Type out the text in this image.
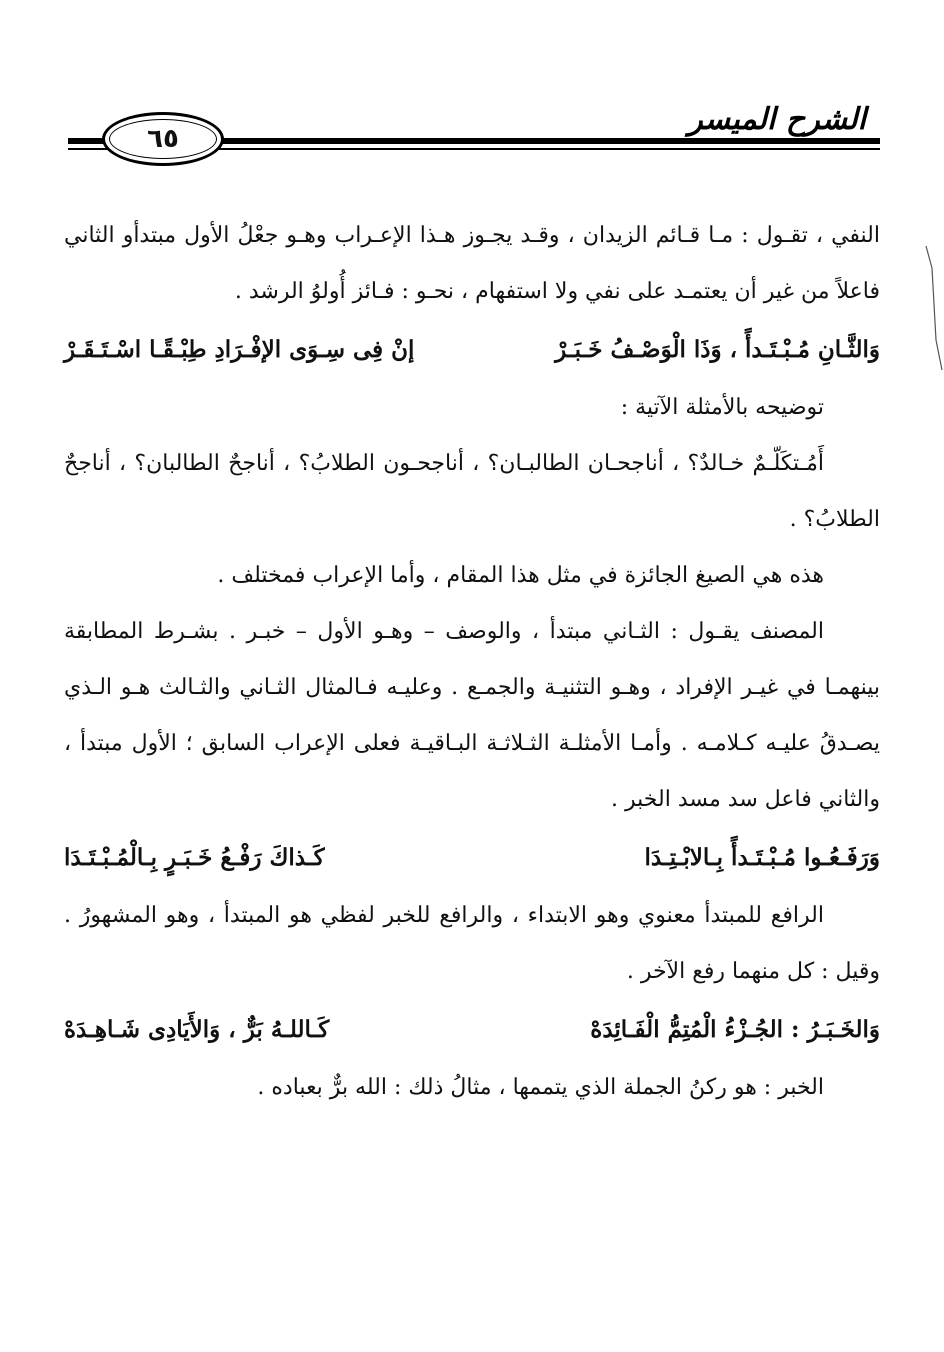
الشرح الميسر
٦٥

النفي ، تقـول : مـا قـائم الزيدان ، وقـد يجـوز هـذا الإعـراب وهـو جعْلُ الأول مبتدأو الثاني فاعلاً من غير أن يعتمـد على نفي ولا استفهام ، نحـو : فـائز أُولوُ الرشد .

وَالثَّـانِ مُـبْـتَـدأً ، وَذَا الْوَصْـفُ خَـبَـرْ
إنْ فِى سِـوَى الإفْـرَادِ طِبْـقًـا اسْـتَـقَـرْ

توضيحه بالأمثلة الآتية :

أَمُـتكَلّـمٌ خـالدٌ؟ ، أناجحـان الطالبـان؟ ، أناجحـون الطلابُ؟ ، أناجحٌ الطالبان؟ ، أناجحٌ الطلابُ؟ .

هذه هي الصيغ الجائزة في مثل هذا المقام ، وأما الإعراب فمختلف .

المصنف يقـول : الثـاني مبتدأ ، والوصف – وهـو الأول – خبـر . بشـرط المطابقة بينهمـا في غيـر الإفراد ، وهـو التثنيـة والجمـع . وعليـه فـالمثال الثـاني والثـالث هـو الـذي يصـدقُ عليـه كـلامـه . وأمـا الأمثلـة الثـلاثـة البـاقيـة فعلى الإعراب السابق ؛ الأول مبتدأ ، والثاني فاعل سد مسد الخبر .

وَرَفَـعُـوا مُـبْـتَـدأً بِـالابْـتِـدَا
كَـذاكَ رَفْـعُ خَـبَـرٍ بِـالْمُـبْـتَـدَا

الرافع للمبتدأ معنوي وهو الابتداء ، والرافع للخبر لفظي هو المبتدأ ، وهو المشهورُ . وقيل : كل منهما رفع الآخر .

وَالخَـبَـرُ : الجُـزْءُ الْمُتِمُّ الْفَـائِدَهْ
كَـاللـهُ بَرٌّ ، وَالأَيَادِى شَـاهِـدَهْ

الخبر : هو ركنُ الجملة الذي يتممها ، مثالُ ذلك : الله برٌّ بعباده .
